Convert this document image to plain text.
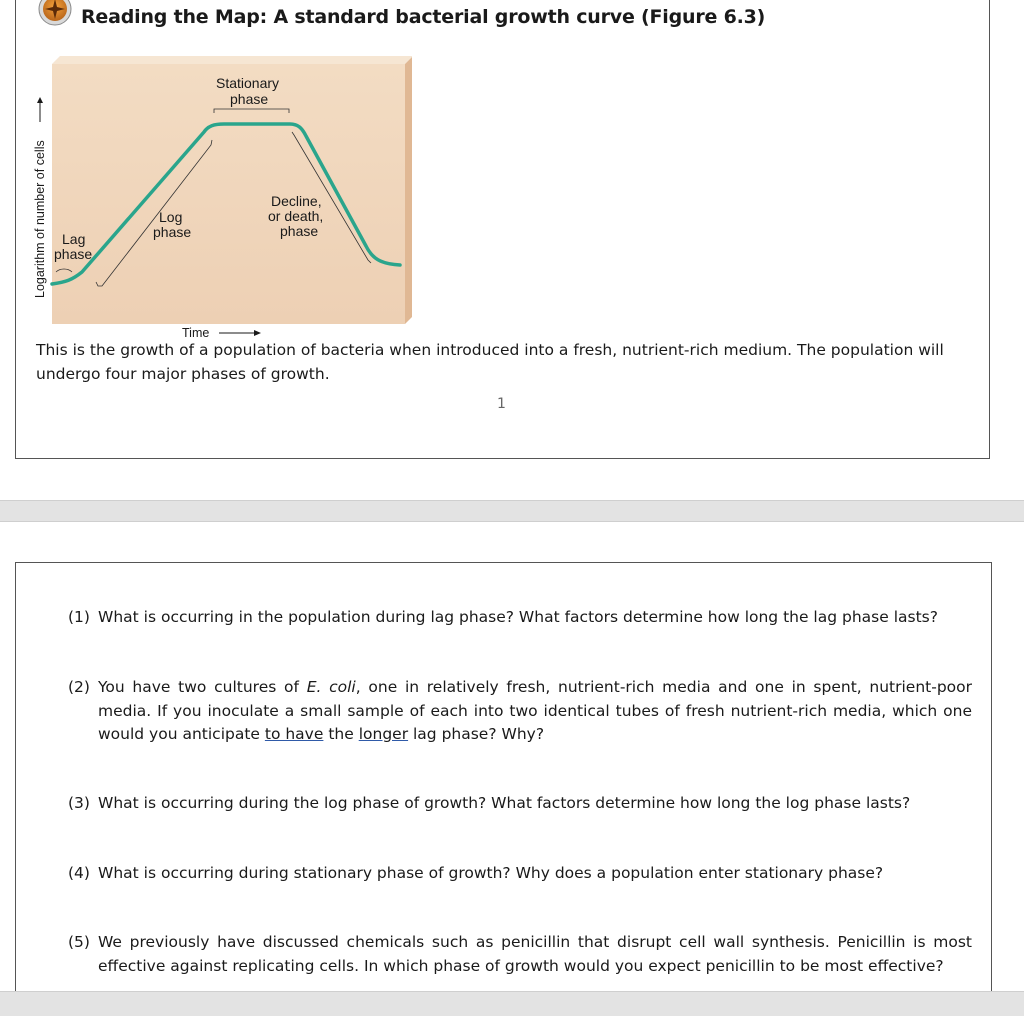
Reading the Map: A standard bacterial growth curve (Figure 6.3)
Logarithm of number of cells
Time
Stationary
phase
Log
phase
Lag
phase
Decline,
or death,
phase
This is the growth of a population of bacteria when introduced into a fresh, nutrient-rich medium. The population will undergo four major phases of growth.
1
(1) What is occurring in the population during lag phase? What factors determine how long the lag phase lasts?
(2) You have two cultures of E. coli, one in relatively fresh, nutrient-rich media and one in spent, nutrient-poor media. If you inoculate a small sample of each into two identical tubes of fresh nutrient-rich media, which one would you anticipate to have the longer lag phase? Why?
(3) What is occurring during the log phase of growth? What factors determine how long the log phase lasts?
(4) What is occurring during stationary phase of growth? Why does a population enter stationary phase?
(5) We previously have discussed chemicals such as penicillin that disrupt cell wall synthesis. Penicillin is most effective against replicating cells. In which phase of growth would you expect penicillin to be most effective?
